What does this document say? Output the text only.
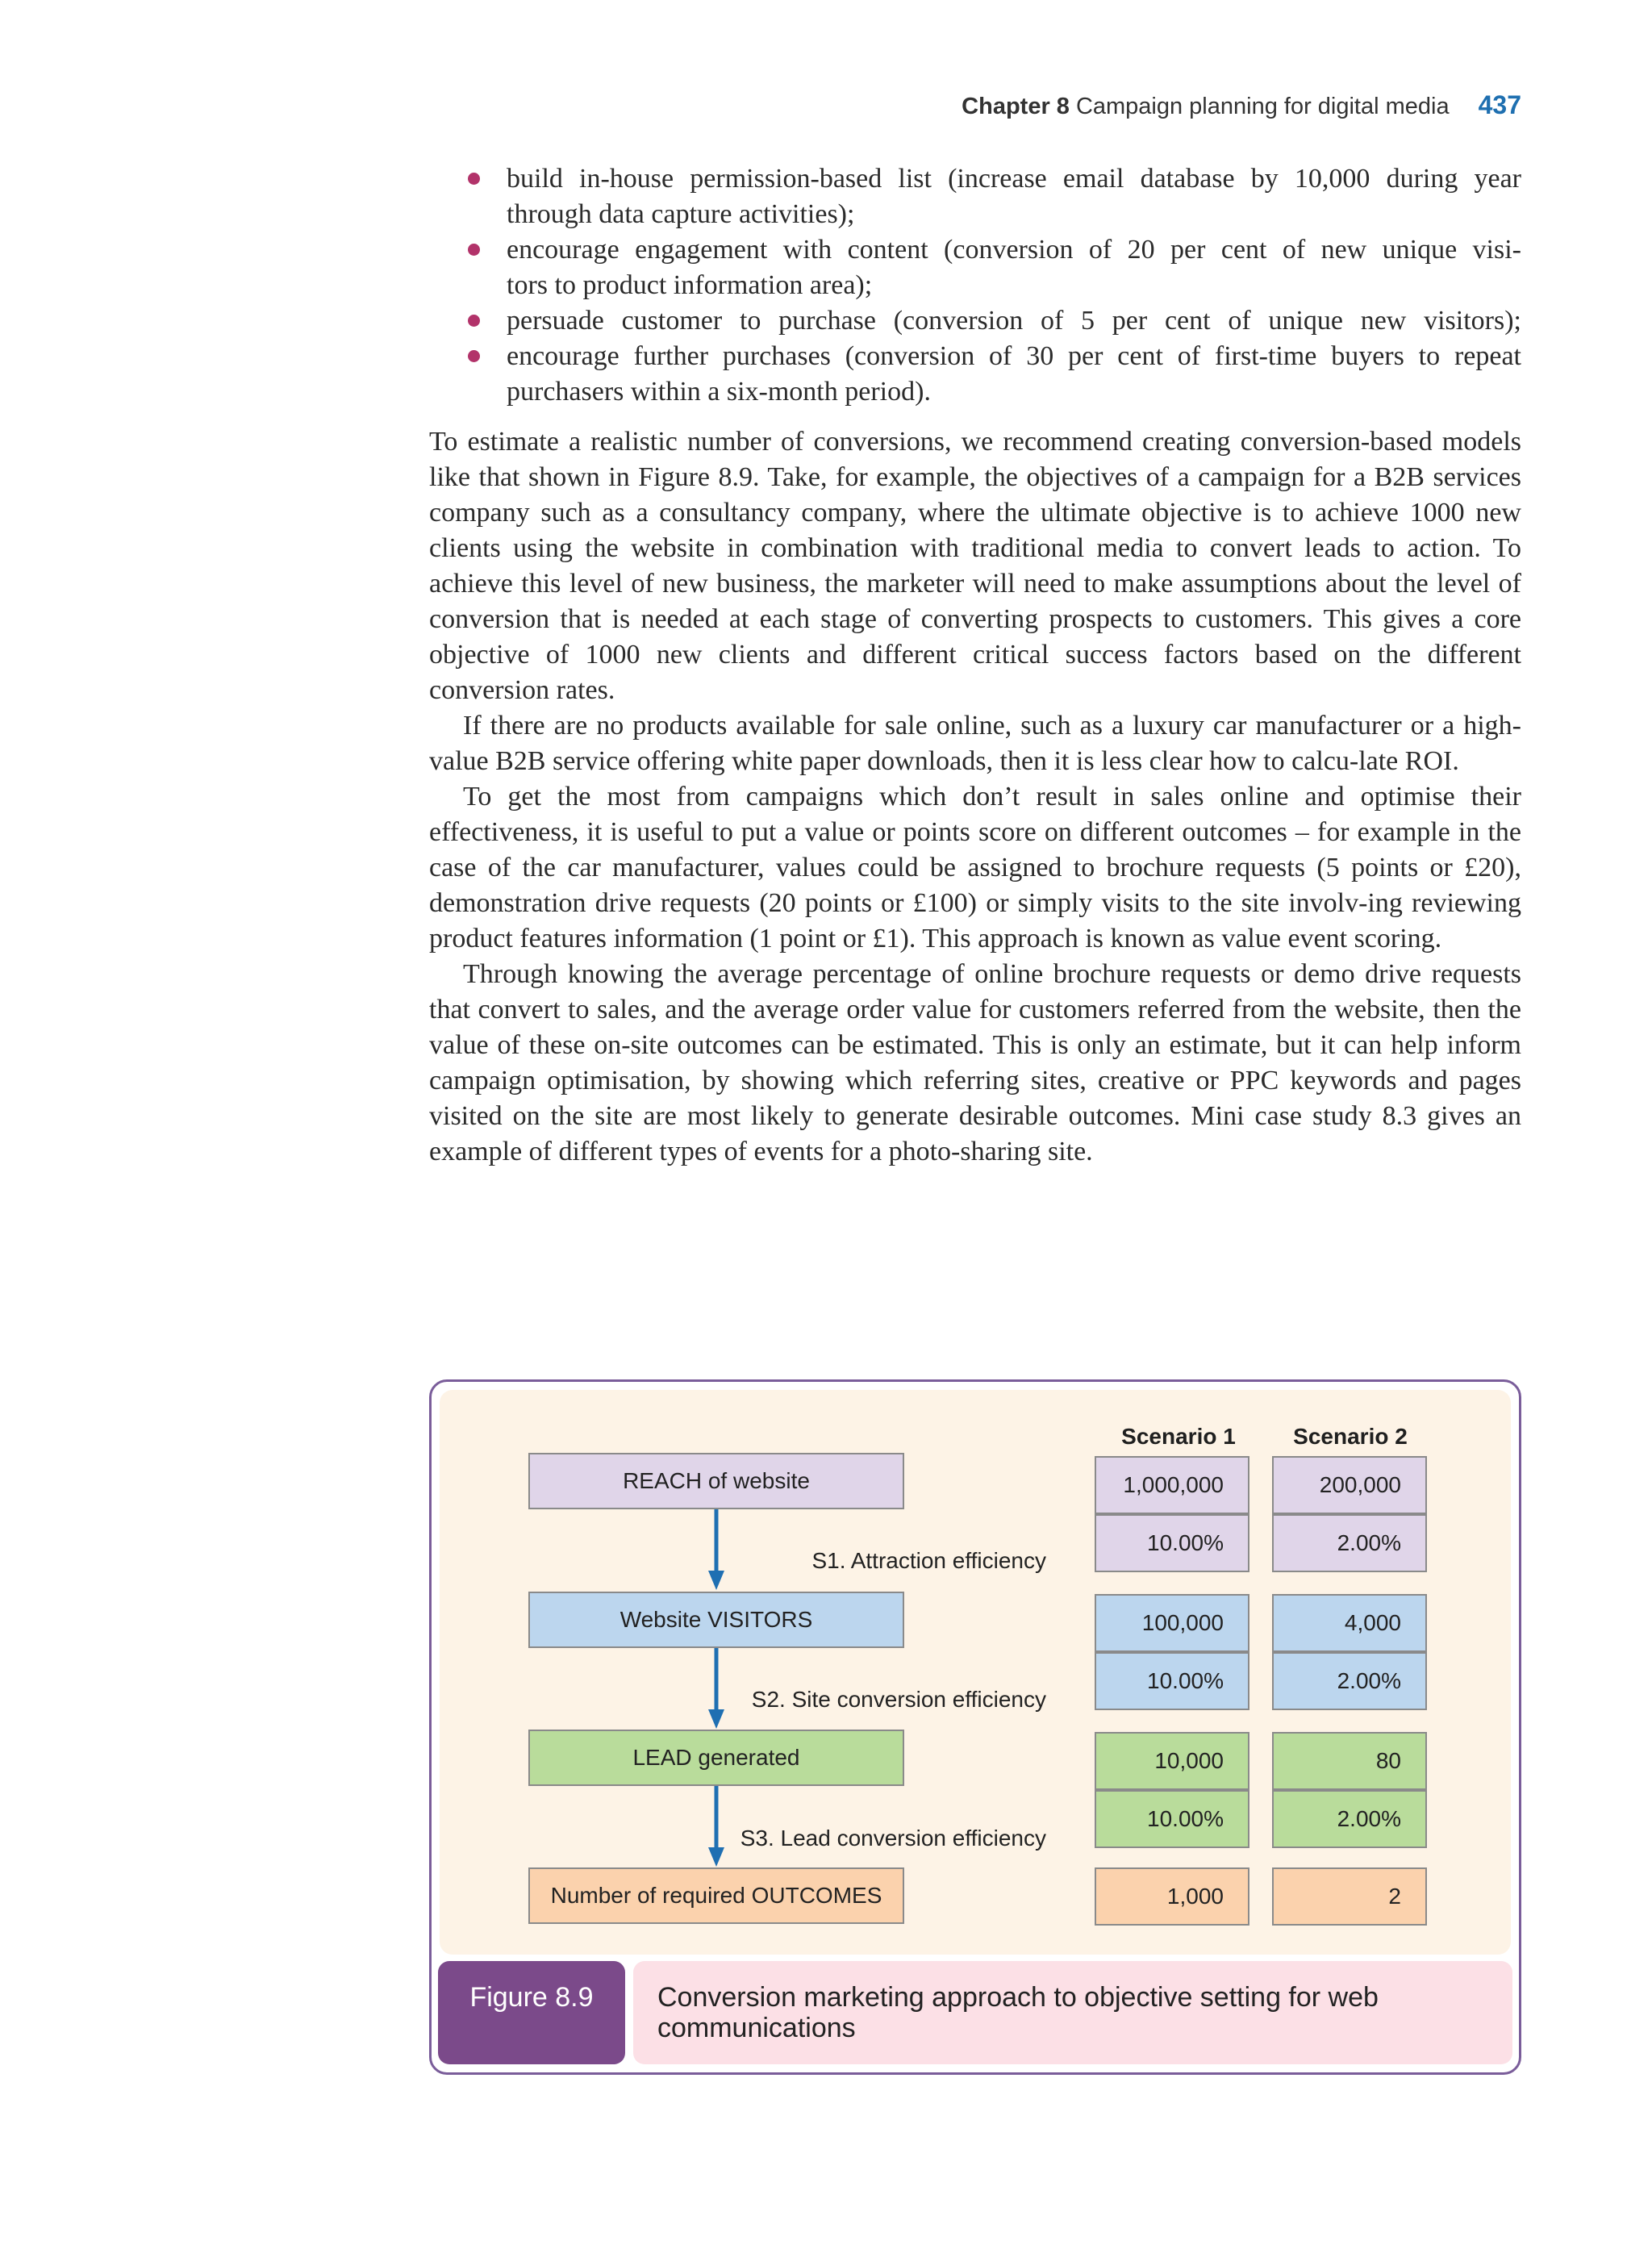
Chapter 8 Campaign planning for digital media 437
build in-house permission-based list (increase email database by 10,000 during year
through data capture activities);
encourage engagement with content (conversion of 20 per cent of new unique visi-
tors to product information area);
persuade customer to purchase (conversion of 5 per cent of unique new visitors);
encourage further purchases (conversion of 30 per cent of first-time buyers to repeat
purchasers within a six-month period).

To estimate a realistic number of conversions, we recommend creating conversion-based models like that shown in Figure 8.9. Take, for example, the objectives of a campaign for a B2B services company such as a consultancy company, where the ultimate objective is to achieve 1000 new clients using the website in combination with traditional media to convert leads to action. To achieve this level of new business, the marketer will need to make assumptions about the level of conversion that is needed at each stage of converting prospects to customers. This gives a core objective of 1000 new clients and different critical success factors based on the different conversion rates.

If there are no products available for sale online, such as a luxury car manufacturer or a high-value B2B service offering white paper downloads, then it is less clear how to calcu-late ROI.

To get the most from campaigns which don’t result in sales online and optimise their effectiveness, it is useful to put a value or points score on different outcomes – for example in the case of the car manufacturer, values could be assigned to brochure requests (5 points or £20), demonstration drive requests (20 points or £100) or simply visits to the site involv-ing reviewing product features information (1 point or £1). This approach is known as value event scoring.

Through knowing the average percentage of online brochure requests or demo drive requests that convert to sales, and the average order value for customers referred from the website, then the value of these on-site outcomes can be estimated. This is only an estimate, but it can help inform campaign optimisation, by showing which referring sites, creative or PPC keywords and pages visited on the site are most likely to generate desirable outcomes. Mini case study 8.3 gives an example of different types of events for a photo-sharing site.

Scenario 1	Scenario 2
REACH of website
Website VISITORS
LEAD generated
Number of required OUTCOMES
S1. Attraction efficiency
S2. Site conversion efficiency
S3. Lead conversion efficiency
1,000,000
10.00%
100,000
10.00%
10,000
10.00%
1,000
200,000
2.00%
4,000
2.00%
80
2.00%
2
Figure 8.9	Conversion marketing approach to objective setting for web communications
